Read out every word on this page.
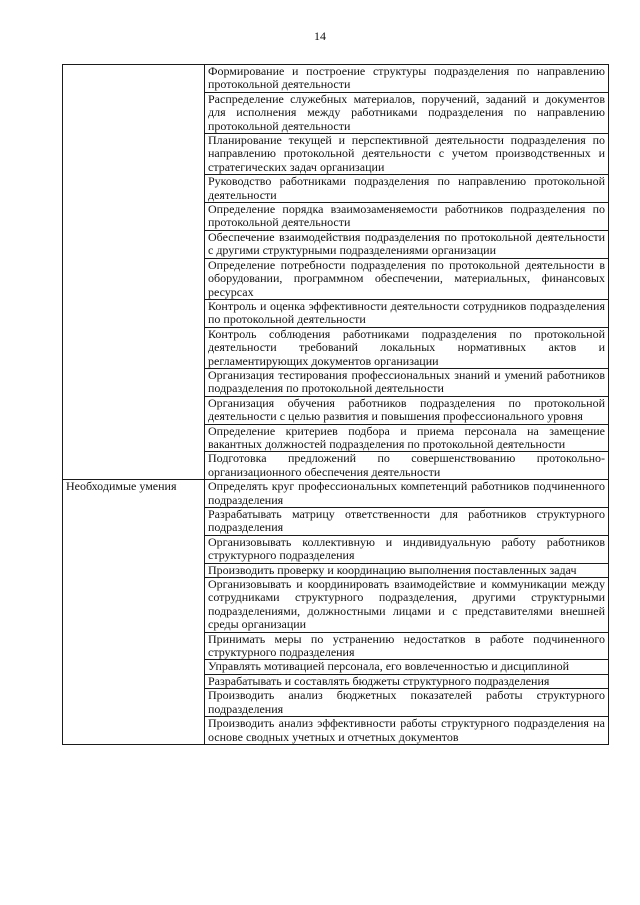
14
	Формирование и построение структуры подразделения по направлению протокольной деятельности
	Распределение служебных материалов, поручений, заданий и документов для исполнения между работниками подразделения по направлению протокольной деятельности
	Планирование текущей и перспективной деятельности подразделения по направлению протокольной деятельности с учетом производственных и стратегических задач организации
	Руководство работниками подразделения по направлению протокольной деятельности
	Определение порядка взаимозаменяемости работников подразделения по протокольной деятельности
	Обеспечение взаимодействия подразделения по протокольной деятельности с другими структурными подразделениями организации
	Определение потребности подразделения по протокольной деятельности в оборудовании, программном обеспечении, материальных, финансовых ресурсах
	Контроль и оценка эффективности деятельности сотрудников подразделения по протокольной деятельности
	Контроль соблюдения работниками подразделения по протокольной деятельности требований локальных нормативных актов и регламентирующих документов организации
	Организация тестирования профессиональных знаний и умений работников подразделения по протокольной деятельности
	Организация обучения работников подразделения по протокольной деятельности с целью развития и повышения профессионального уровня
	Определение критериев подбора и приема персонала на замещение вакантных должностей подразделения по протокольной деятельности
	Подготовка предложений по совершенствованию протокольно-организационного обеспечения деятельности
Необходимые умения	Определять круг профессиональных компетенций работников подчиненного подразделения
	Разрабатывать матрицу ответственности для работников структурного подразделения
	Организовывать коллективную и индивидуальную работу работников структурного подразделения
	Производить проверку и координацию выполнения поставленных задач
	Организовывать и координировать взаимодействие и коммуникации между сотрудниками структурного подразделения, другими структурными подразделениями, должностными лицами и с представителями внешней среды организации
	Принимать меры по устранению недостатков в работе подчиненного структурного подразделения
	Управлять мотивацией персонала, его вовлеченностью и дисциплиной
	Разрабатывать и составлять бюджеты структурного подразделения
	Производить анализ бюджетных показателей работы структурного подразделения
	Производить анализ эффективности работы структурного подразделения на основе сводных учетных и отчетных документов
